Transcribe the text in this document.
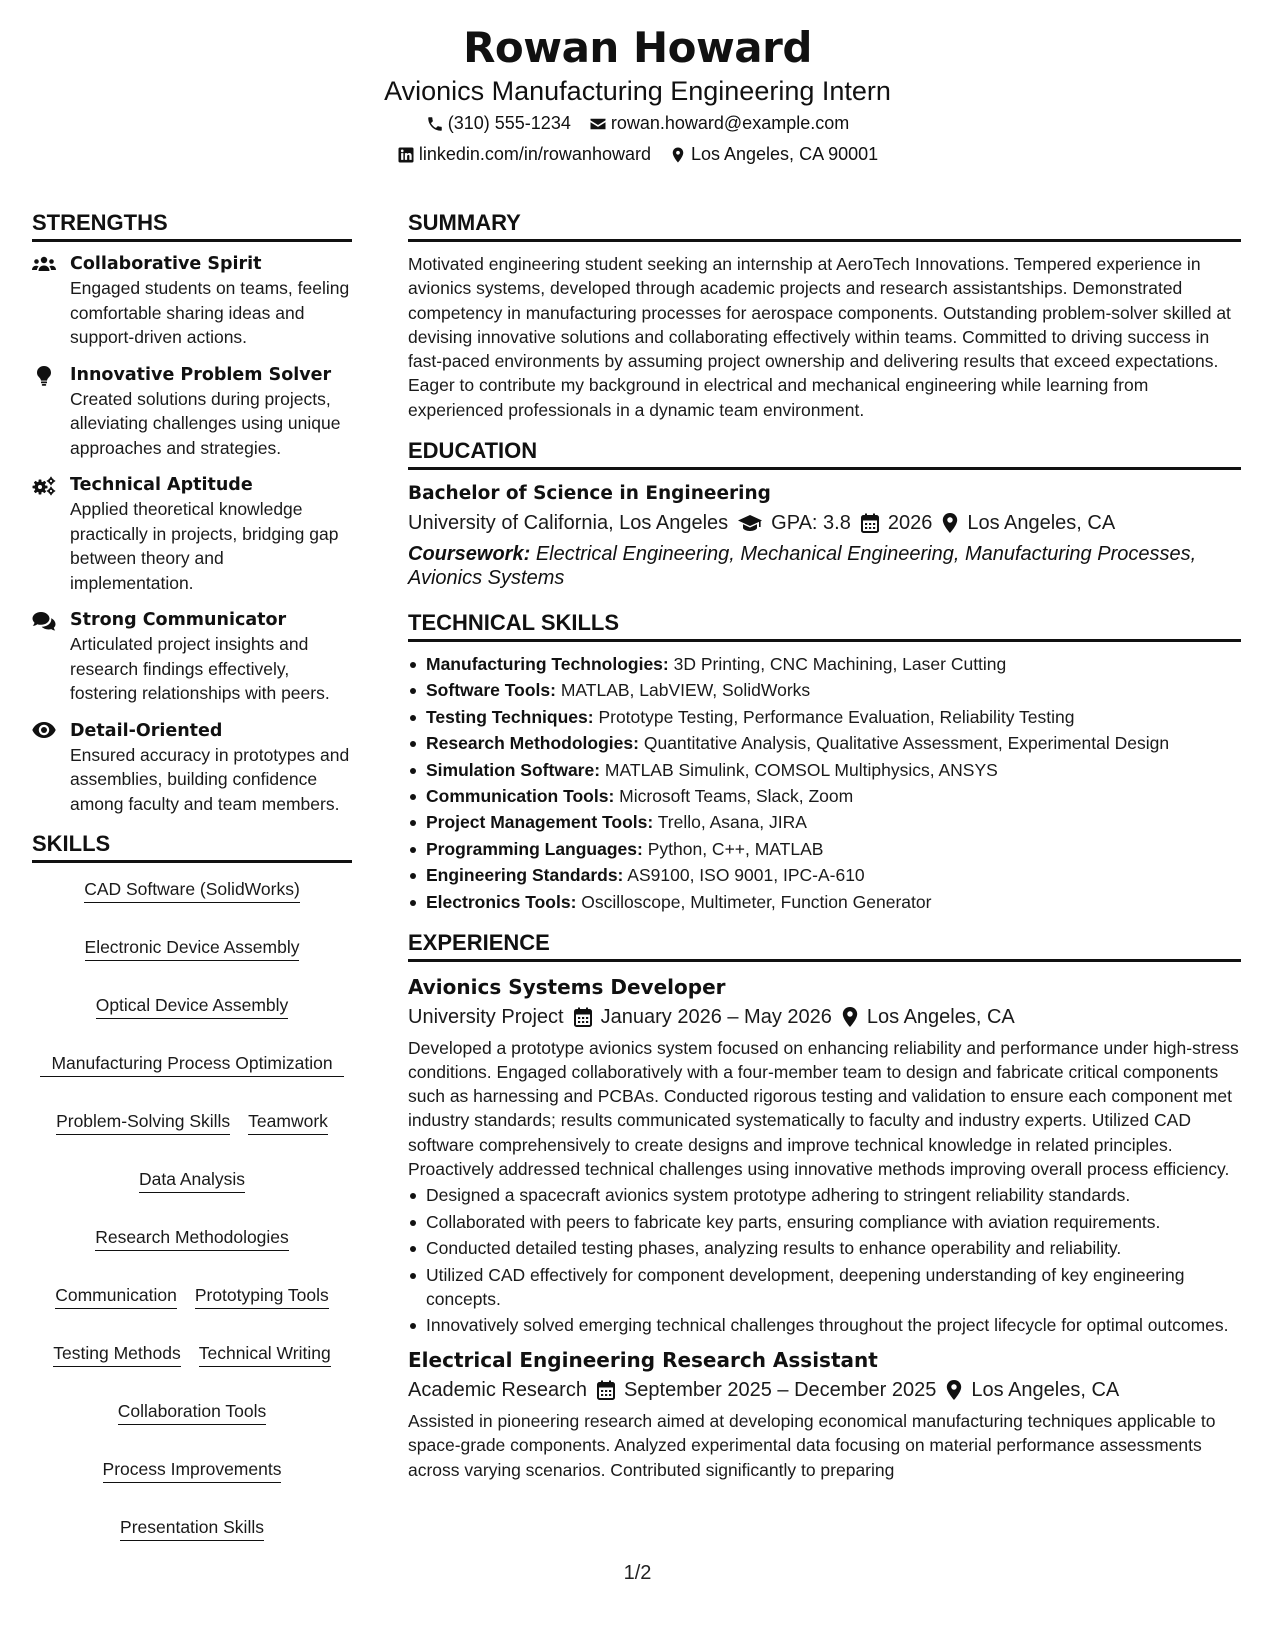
Rowan Howard
Avionics Manufacturing Engineering Intern
(310) 555-1234 rowan.howard@example.com
linkedin.com/in/rowanhoward Los Angeles, CA 90001
STRENGTHS
Collaborative Spirit
Engaged students on teams, feeling comfortable sharing ideas and support-driven actions.
Innovative Problem Solver
Created solutions during projects, alleviating challenges using unique approaches and strategies.
Technical Aptitude
Applied theoretical knowledge practically in projects, bridging gap between theory and implementation.
Strong Communicator
Articulated project insights and research findings effectively, fostering relationships with peers.
Detail-Oriented
Ensured accuracy in prototypes and assemblies, building confidence among faculty and team members.
SKILLS
CAD Software (SolidWorks)
Electronic Device Assembly
Optical Device Assembly
Manufacturing Process Optimization
Problem-Solving Skills Teamwork
Data Analysis
Research Methodologies
Communication Prototyping Tools
Testing Methods Technical Writing
Collaboration Tools
Process Improvements
Presentation Skills
SUMMARY
Motivated engineering student seeking an internship at AeroTech Innovations. Tempered experience in avionics systems, developed through academic projects and research assistantships. Demonstrated competency in manufacturing processes for aerospace components. Outstanding problem-solver skilled at devising innovative solutions and collaborating effectively within teams. Committed to driving success in fast-paced environments by assuming project ownership and delivering results that exceed expectations. Eager to contribute my background in electrical and mechanical engineering while learning from experienced professionals in a dynamic team environment.
EDUCATION
Bachelor of Science in Engineering
University of California, Los Angeles GPA: 3.8 2026 Los Angeles, CA
Coursework: Electrical Engineering, Mechanical Engineering, Manufacturing Processes, Avionics Systems
TECHNICAL SKILLS
Manufacturing Technologies: 3D Printing, CNC Machining, Laser Cutting
Software Tools: MATLAB, LabVIEW, SolidWorks
Testing Techniques: Prototype Testing, Performance Evaluation, Reliability Testing
Research Methodologies: Quantitative Analysis, Qualitative Assessment, Experimental Design
Simulation Software: MATLAB Simulink, COMSOL Multiphysics, ANSYS
Communication Tools: Microsoft Teams, Slack, Zoom
Project Management Tools: Trello, Asana, JIRA
Programming Languages: Python, C++, MATLAB
Engineering Standards: AS9100, ISO 9001, IPC-A-610
Electronics Tools: Oscilloscope, Multimeter, Function Generator
EXPERIENCE
Avionics Systems Developer
University Project January 2026 – May 2026 Los Angeles, CA
Developed a prototype avionics system focused on enhancing reliability and performance under high-stress conditions. Engaged collaboratively with a four-member team to design and fabricate critical components such as harnessing and PCBAs. Conducted rigorous testing and validation to ensure each component met industry standards; results communicated systematically to faculty and industry experts. Utilized CAD software comprehensively to create designs and improve technical knowledge in related principles. Proactively addressed technical challenges using innovative methods improving overall process efficiency.
Designed a spacecraft avionics system prototype adhering to stringent reliability standards.
Collaborated with peers to fabricate key parts, ensuring compliance with aviation requirements.
Conducted detailed testing phases, analyzing results to enhance operability and reliability.
Utilized CAD effectively for component development, deepening understanding of key engineering concepts.
Innovatively solved emerging technical challenges throughout the project lifecycle for optimal outcomes.
Electrical Engineering Research Assistant
Academic Research September 2025 – December 2025 Los Angeles, CA
Assisted in pioneering research aimed at developing economical manufacturing techniques applicable to space-grade components. Analyzed experimental data focusing on material performance assessments across varying scenarios. Contributed significantly to preparing
1/2
